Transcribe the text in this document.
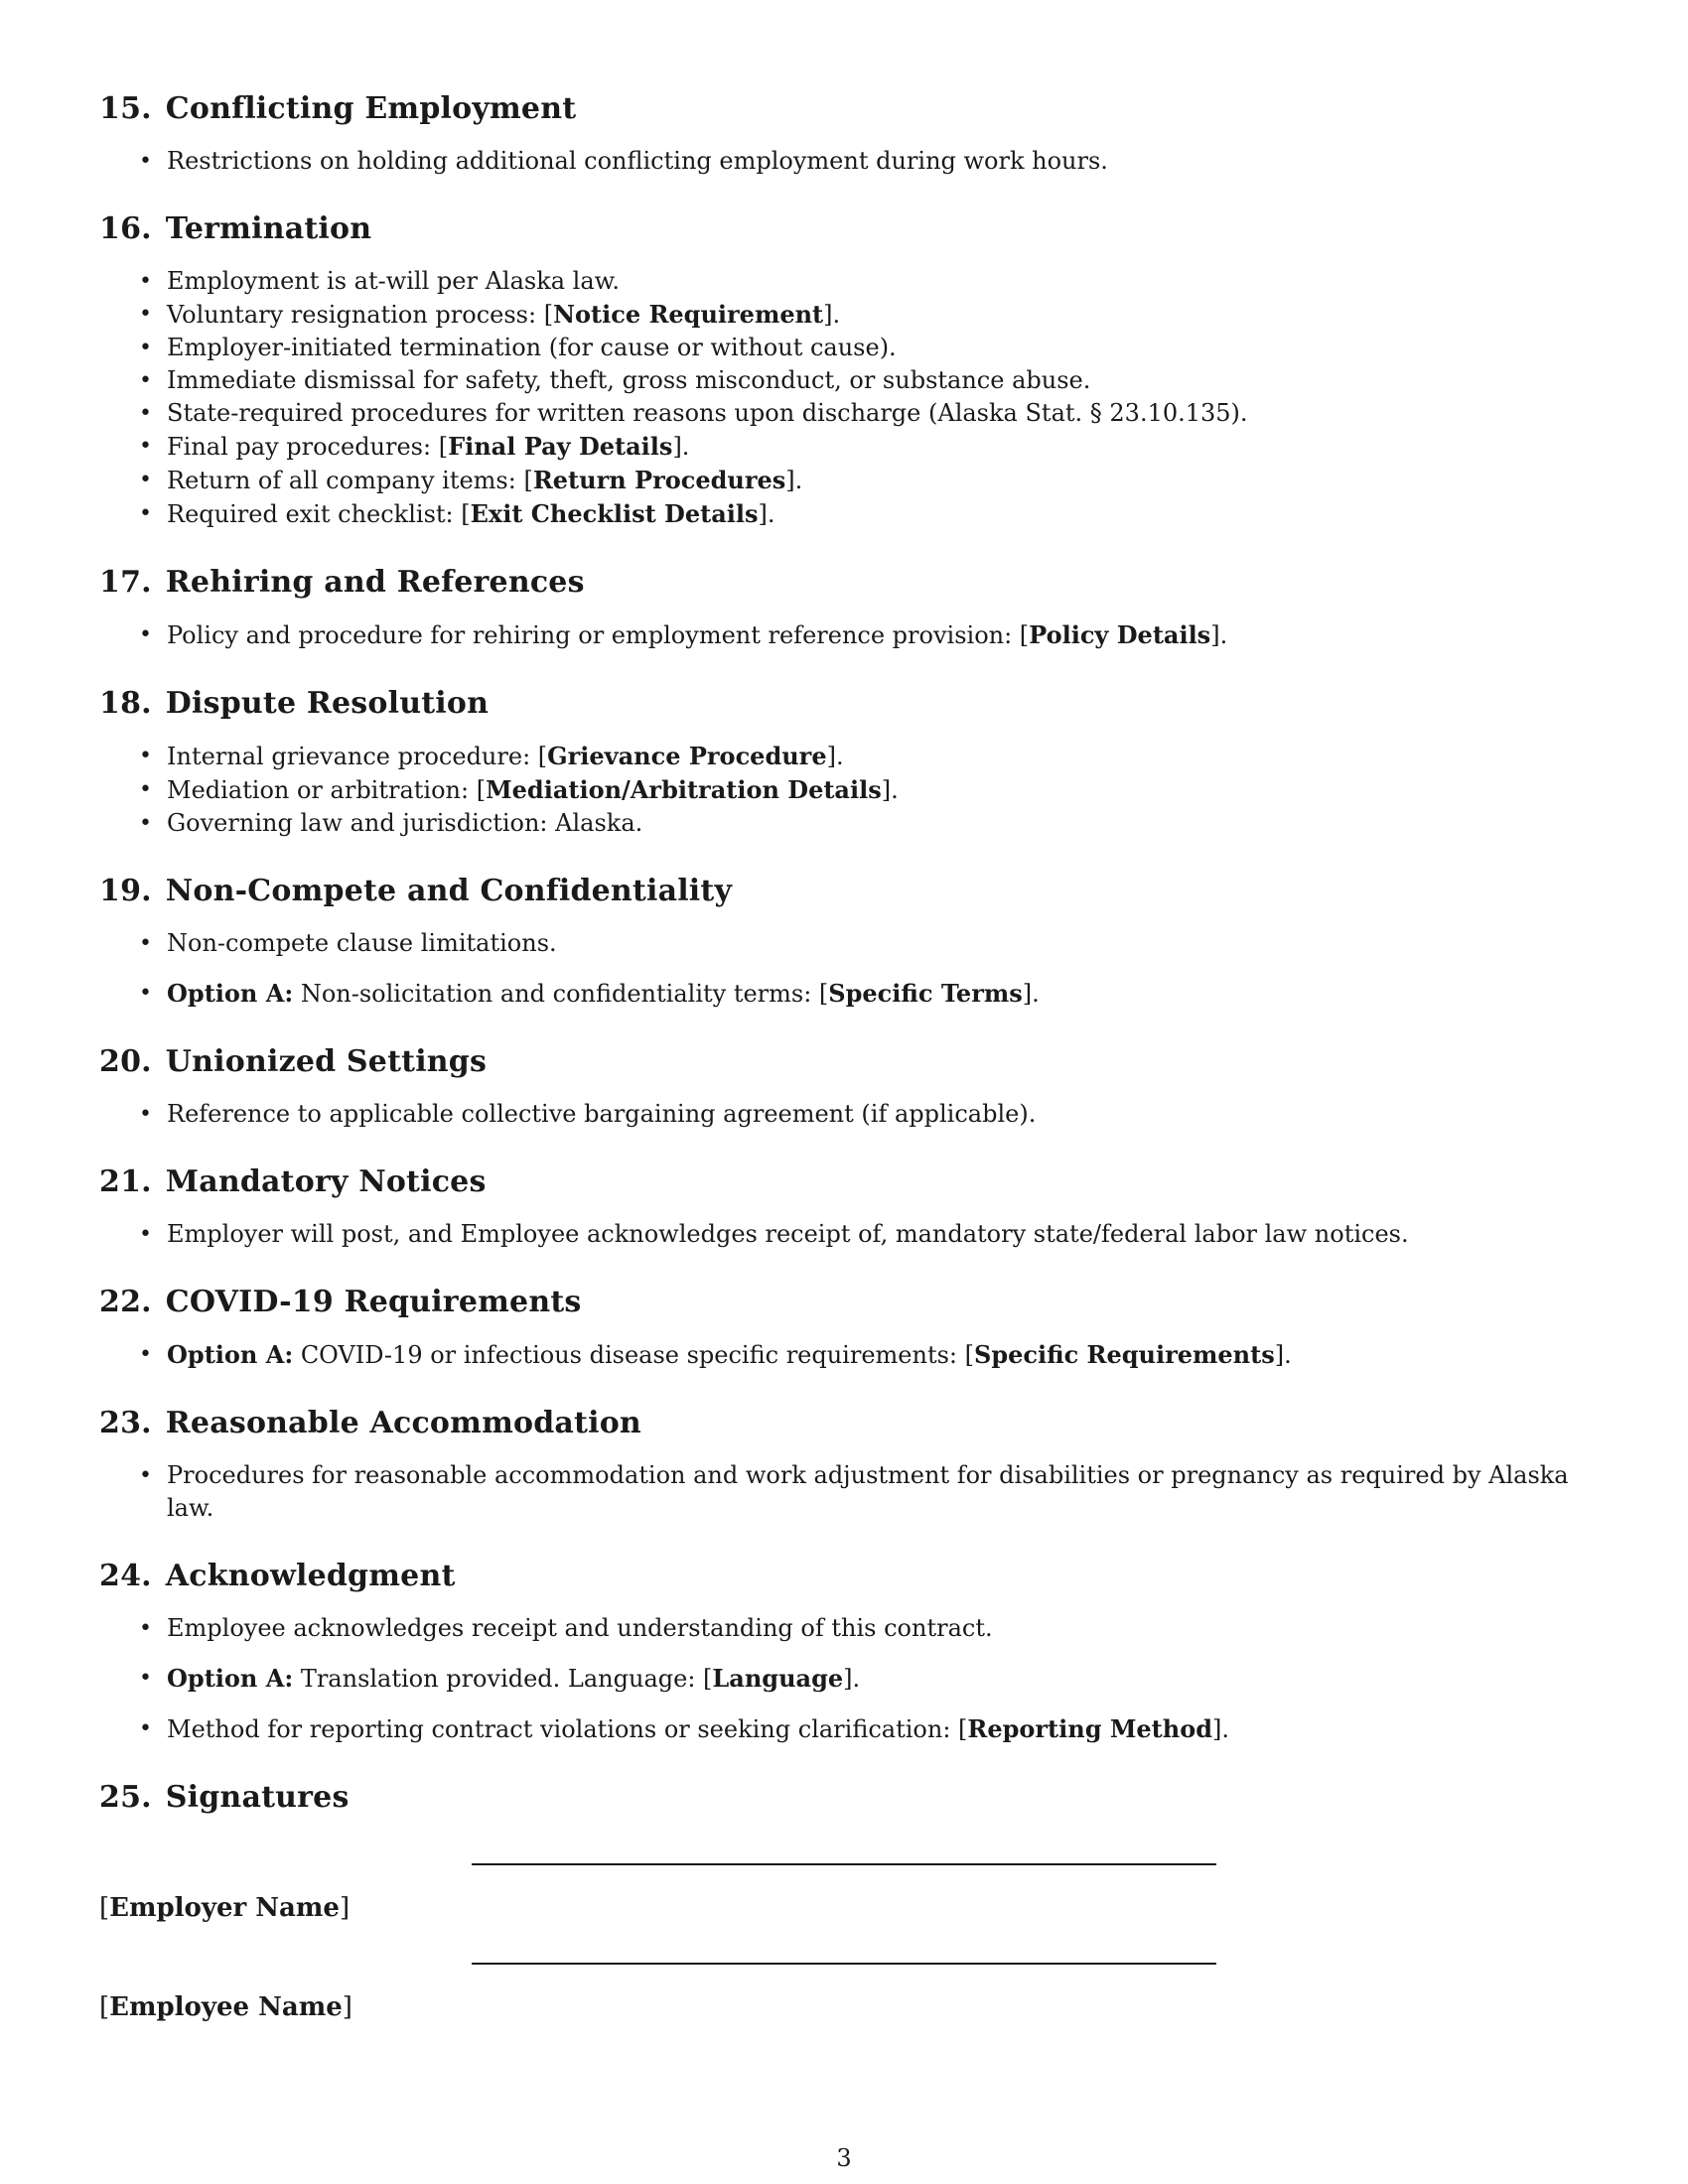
15. Conflicting Employment
• Restrictions on holding additional conflicting employment during work hours.
16. Termination
• Employment is at-will per Alaska law.
• Voluntary resignation process: [Notice Requirement].
• Employer-initiated termination (for cause or without cause).
• Immediate dismissal for safety, theft, gross misconduct, or substance abuse.
• State-required procedures for written reasons upon discharge (Alaska Stat. § 23.10.135).
• Final pay procedures: [Final Pay Details].
• Return of all company items: [Return Procedures].
• Required exit checklist: [Exit Checklist Details].
17. Rehiring and References
• Policy and procedure for rehiring or employment reference provision: [Policy Details].
18. Dispute Resolution
• Internal grievance procedure: [Grievance Procedure].
• Mediation or arbitration: [Mediation/Arbitration Details].
• Governing law and jurisdiction: Alaska.
19. Non-Compete and Confidentiality
• Non-compete clause limitations.
• Option A: Non-solicitation and confidentiality terms: [Specific Terms].
20. Unionized Settings
• Reference to applicable collective bargaining agreement (if applicable).
21. Mandatory Notices
• Employer will post, and Employee acknowledges receipt of, mandatory state/federal labor law notices.
22. COVID-19 Requirements
• Option A: COVID-19 or infectious disease specific requirements: [Specific Requirements].
23. Reasonable Accommodation
• Procedures for reasonable accommodation and work adjustment for disabilities or pregnancy as required by Alaska law.
24. Acknowledgment
• Employee acknowledges receipt and understanding of this contract.
• Option A: Translation provided. Language: [Language].
• Method for reporting contract violations or seeking clarification: [Reporting Method].
25. Signatures
[Employer Name]
[Employee Name]
3
